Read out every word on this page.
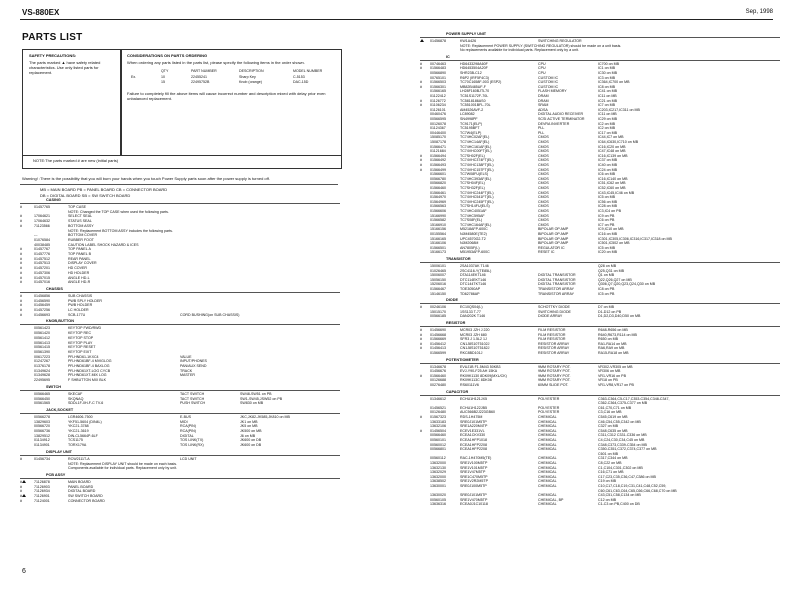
VS-880EX	Sep, 1998
PARTS LIST
SAFETY PRECAUTIONS:
The parts marked ▲ have safety related characteristics. Use only listed parts for replacement.
CONSIDERATIONS ON PARTS ORDERING
When ordering any parts listed in the parts list, please specify the following items in the order shown.
QTY	PART NUMBER	DESCRIPTION	MODEL NUMBER
Ex.	10	22455241	Sharp Key	C-5153
15	22495752B	Knob (orange)	DAC-15D
Failure to completely fill the above items will cause incorrect number and description mixed with delay prior even unbalanced replacement.
NOTE:The parts marked # are new (initial parts)
Warning! :There is the possibility that you will burn your hands when you touch Power Supply parts soon after the power supply is turned off.
MB = MAIN BOARD PB = PANEL BOARD CB = CONNECTOR BOARD
DB = DIGITAL BOARD SB = SW SWITCH BOARD
CASING
#	01457765	TOP CASE
NOTE: Changed the TOP CASE when used the following parts.
#	17064621	SELECT SEAL
#	17064632	STATUS SEAL
#	71123566	BOTTOM ASSY
NOTE: Replacement BOTTOM ASSY includes the following parts.
---	BOTTOM COVER
01076584	RUBBER FOOT
40038485	CAUTION LABEL SHOCK HAZARD & ICES
#	01457767	TOP PANEL A
#	01457776	TOP PANEL B
#	01457512	REAR PANEL
#	01457513	DISPLAY COVER
#	01457201	HD COVER
#	01457306	HD HOLDER
#	01457015	ANGLE HD-L
#	01457016	ANGLE HD-R
CHASSIS
#	01456856	SUB CHASSIS
#	01456590	PWB SPLY HOLDER
#	01456459	PWB HOLDER
#	01457256	LC HOLDER
#	01456693	SCB-177U	CORD BUSHING(on SUB CHASSIS)
KNOB,BUTTON
00561423	KEYTOP FWD/RWD
00561420	KEYTOP REC
00561412	KEYTOP STOP
00561413	KEYTOP PLAY
00561415	KEYTOP RESET
00561390	KEYTOP EXIT
00617223	PR-HND61-1KXC4	VALUE
01247267	PR-HND61BF-4 MVIGLOG	INPUT/PHONES
01376178	PR-HND61BF-4 BAXLOG	PAN/AUX SEND
01349624	PR-HND61XT-LOG CYCB	TRACK
01349628	PR-HND61XT-MIX LOG	MASTER
22495695	F SHBUTTON MIX BLK
SWITCH
00566465	SKECAF	TACT SWITCH	SW48-SW51 on PB
00566450	SKQNAQ	TACT SWITCH	SW1-SW45,JSW52 on PB
00561565	SDDL1F-0H-F-C TV-6	PUSH SWITCH	SW830 on MB
JACK,SOCKET
00566278	LGR4606-7500	E-BUS	JKC,JK82-JK585,JK810 on MB
13829603	YKF51-5604 (DIN4L)	MIDI	JK1 on MB
00566720	YKC21-3788	RCA(PIN)	JK5 on MB
00566736	YKC21-3619	RCA(PIN)	JK500 on MB
13829512	DIN-CL5664P-6LF	DIGITAL	J6 on MB
01134912	TCS1175	TOS LINK(TX)	JK600 on DB
01134901	TORX179A	TOS LINK(RX)	JK600 on DB
DISPLAY UNIT
#	01456734	RCW2111T-A	LCD UNIT
NOTE: Replacement DISPLAY UNIT should be made on each basis.
Components available for individual parts. Replacement only by unit.
PCB ASSY
#	71126878	MAIN BOARD
#	71126903	PANEL BOARD
#	71126934	DIGITAL BOARD
#	71126901	SW SWITCH BOARD
#	71124001	CONNECTOR BOARD
POWER SUPPLY UNIT
01456878	KW1A426	SWITCHING REGULATOR
NOTE: Replacement POWER SUPPLY (SWITCHING REGULATOR) should be made on a unit basis.
No replacements available for individual parts. Replacement only by a unit.
IC
# 00746463	HD6433298A60F	CPU	IC700 on MB
# 01566483	HD6453504A20F	CPU	IC1 on MB
00566890	SHR23B-C12	CPU	IC30 on MB
00765101	R6P2 (IRF5F4C3)	CUSTOM IC	IC3 on MB
# 01566503	TC70C1658F-003 (ESP2)	CUSTOM IC	IC364,IC700 on MB
# 01566301	MB82B485UF-F	CUSTOM IC	IC8 on MB
01566165	LH28F160BJTL70	FLASH MEMORY	IC41 on MB
01122412	TC51S1172F-70L	DRAM	IC11 on MB
# 01126772	TC5818186AS0	DRAM	IC21 on MB
# 01106234	TC551001BFL-70L	SRAM	IC7 on MB
01126101	AM4526AVF-2	ADSA	IC203,IC217,IC311 on MB
00460476	LC89082	DIGITAL AUDIO RECEIVER	IC11 on MB
00566595	SN4998PF	SCSI ACTIVE TERMINATOR	IC29 on MB
00126078	TC9171(ELP)	DEVRA INVERTER	IC2 on MB
01124367	TC5195BFT	PLL	IC2 on MB
00446400	TC7W4(ELP)	PLL	IC17 on MB
15085170	TC74HC02AF(EL)	CMOS	IC44,IC7 on MB
15087178	TC74HC14AF(EL)	CMOS	IC64,IC630,IC710 on MB
01566471	TC74HC161AF(EL)	CMOS	IC16,IC20 on MB
01121684	TC74VHC00FT(EL)	CMOS	IC47,IC48 on MB
# 01566494	TC7SH02F(EL)	CMOS	IC16,IC139 on MB
# 01566492	TC74VHC374FT(EL)	CMOS	IC37 on MB
# 01566493	TC74VHC138FT(EL)	CMOS	IC40 on MB
# 01566499	TC74VHC157FT(EL)	CMOS	IC24 on MB
01566601	TC7W08FU(ELS)	CMOS	IC6 on MB
00566780	TC74HC393AF(EL)	CMOS	IC16,IC140 on MB
00566820	TC7SH04F(EL)	CMOS	IC51,IC62 on MB
01566460	TC7SH32F(EL)	CMOS	IC52,IC60 on MB
01566461	TC74VHC244FT(EL)	CMOS	IC43,IC45,IC46 on MB
01564970	TC74VHC541FT(EL)	CMOS	IC5 on MB
01564969	TC74VHC245FT(EL)	CMOS	IC56 on MB
01566563	TC7SH14FU(ELS)	CMOS	IC28 on MB
01566606	TC74HC4051AF	CMOS	IC3,IC4 on PB
15166990	TC74HC595AF	CMOS	IC9 on PB
01566582	TC7S08F(EL)	CMOS	IC6 on PB
15166910	TC74HC164AF(EL)	CMOS	IC7 on PB
15166156	M5218AFP-600C	BIPOLAR OP AMP	IC9,IC10 on MB
00155564	NJM4580E(TE2)	BIPOLAR OP AMP	IC16 on MB
15166165	UPC4570G2-T2	BIPOLAR OP AMP	IC301,IC305,IC306,IC316,IC317,IC318 on MB
15166106	NJM2068M	BIPOLAR OP AMP	IC501,IC502 on MB
01566501	AN7805F(L)	REGULATOR IC	IC5 on MB
15166173	M51953AFP-600C	RESET IC	IC20 on MB
TRANSISTOR
15006101	2SA1037AK T146	Q28 on MB
01026465	2SC4116-Y(TE85L)	Q25,Q31 on MB
15006007	DTA114EKT146	DIGITAL TRANSISTOR	Q1 on MB
15056150	DTC114EKT146	DIGITAL TRANSISTOR	Q22,Q26,Q27 on MB
15206016	DTC144TKT146	DIGITAL TRANSISTOR	Q306,Q7,Q20,Q23,Q24,Q30 on MB
01566467	TOE3050AP	TRANSISTOR ARRAY	IC8 on PB
15146150	TD62786AP	TRANSISTOR ARRAY	IC5 on PB
DIODE
# 00246106	EC10QS04(L)	SCHOTTKY DIODE	D7 on MB
15015170	1SS133 T-77	SWITCHING DIODE	D1-D12 on PB
00566185	DAN202K T146	DIODE ARRAY	D1,D2,D3,D40,D50 on MB
RESISTOR
# 01456690	MCR03 JZH J 220	FILM RESISTOR	R648-R656 on MB
# 01456668	MCR03 JZH 680	FILM RESISTOR	R640,R673,R114 on MB
# 01566669	SFR3 J 1.5L2 1J	FILM RESISTOR	R650 on MB
# 01456412	CN1J8S10T5102J	RESISTOR ARRAY	RA1-RA14 on MB
# 01456413	CN1J8S10T5182J	RESISTOR ARRAY	RA6,RA9 on MB
01566599	RKC8BD101J	RESISTOR ARRAY	RA15-RA18 on MB
POTENTIOMETER
01346678	EVUJ1B F1.5M43 50KB3	9MM ROTARY POT.	VR302-VR305 on MB
01456676	EVJ-Y90-F25 AH 15KA	9MM ROTARY POT.	VR306 on MB
# 01566460	RK09K1130 8DK09(MXL/CK)	9MM ROTARY POT.	VR1-VR16 on PB
00126688	RK09K113C 8DK08	9MM ROTARY POT.	VR18 on PB
00276480	RS60111V6	60MM SLIDE POT.	VR1-VR8,VR17 on PB
CAPACITOR
01346612	ECHU1H121JX5	POLYESTER	C363-C364,C5-C17,C353-C354,C348-C347,
C362-C364,C375-C377 on MB
01456521	ECHU1H122JB5	POLYESTER	C61,C70,C71 on MB
00126480	AUC566B2J223GB60	POLYESTER	C3,C16 on MB
# 01567323	RDS-1H475M	CHEMICAL	C545,C619 on MB
13633183	SRE0J101M5TP	CHEMICAL	C46,C54,C55,C342 on MB
13632106	SRE1A220M4TP	CHEMICAL	C327 on MB
# 01456504	ECEV1E331VL	CHEMICAL	C548,C635 on MB
00566460	ECEA1CKV330	CHEMICAL	C311,C312 C331-C336 on MB
00560101	ECEA1HFP1018	CHEMICAL	C4,C24,C30,C34,C45 on MB
00560012	ECEA1HFP2208	CHEMICAL	C348,C373,C339-C354 on MB
00566801	ECEA1HFP2208	CHEMICAL	C350-C351,C372,C374,C377 on MB
C601 on MB
00560112	RAC-1H470M5(TE)	CHEMICAL	C317,C344 on MB
13632000	SRE1V100M5TP	CHEMICAL	C8,C22 on MB
13632130	SRE1V101M5TP	CHEMICAL	C1,C104,C301,C302 on MB
13632029	SRE1V47M5TP	CHEMICAL	C16,C71 on MB
13632000	SRE1C470M5TP	CHEMICAL	C17,C23,C35,C36,C47,C386 on MB
13638502	SRE1V2R2M5TP	CHEMICAL	C19 on MB
13630001	SRE0J100M5TP	CHEMICAL	C10,C17,C18,C19,C31,C41,C48,C52,C59,
C60,C61,C63,C64,C65,C66,C66,C68,C70 on MB
13630020	SRE0J101M5TP	CHEMICAL	C43,C51,C58,C134 on MB
00560105	SRE1V470M5TP	CHEMICAL, BP	C12 on MB
13636316	ECEA0J1C10118	CHEMICAL	C1-C3 on PB,C400 on DB
6
